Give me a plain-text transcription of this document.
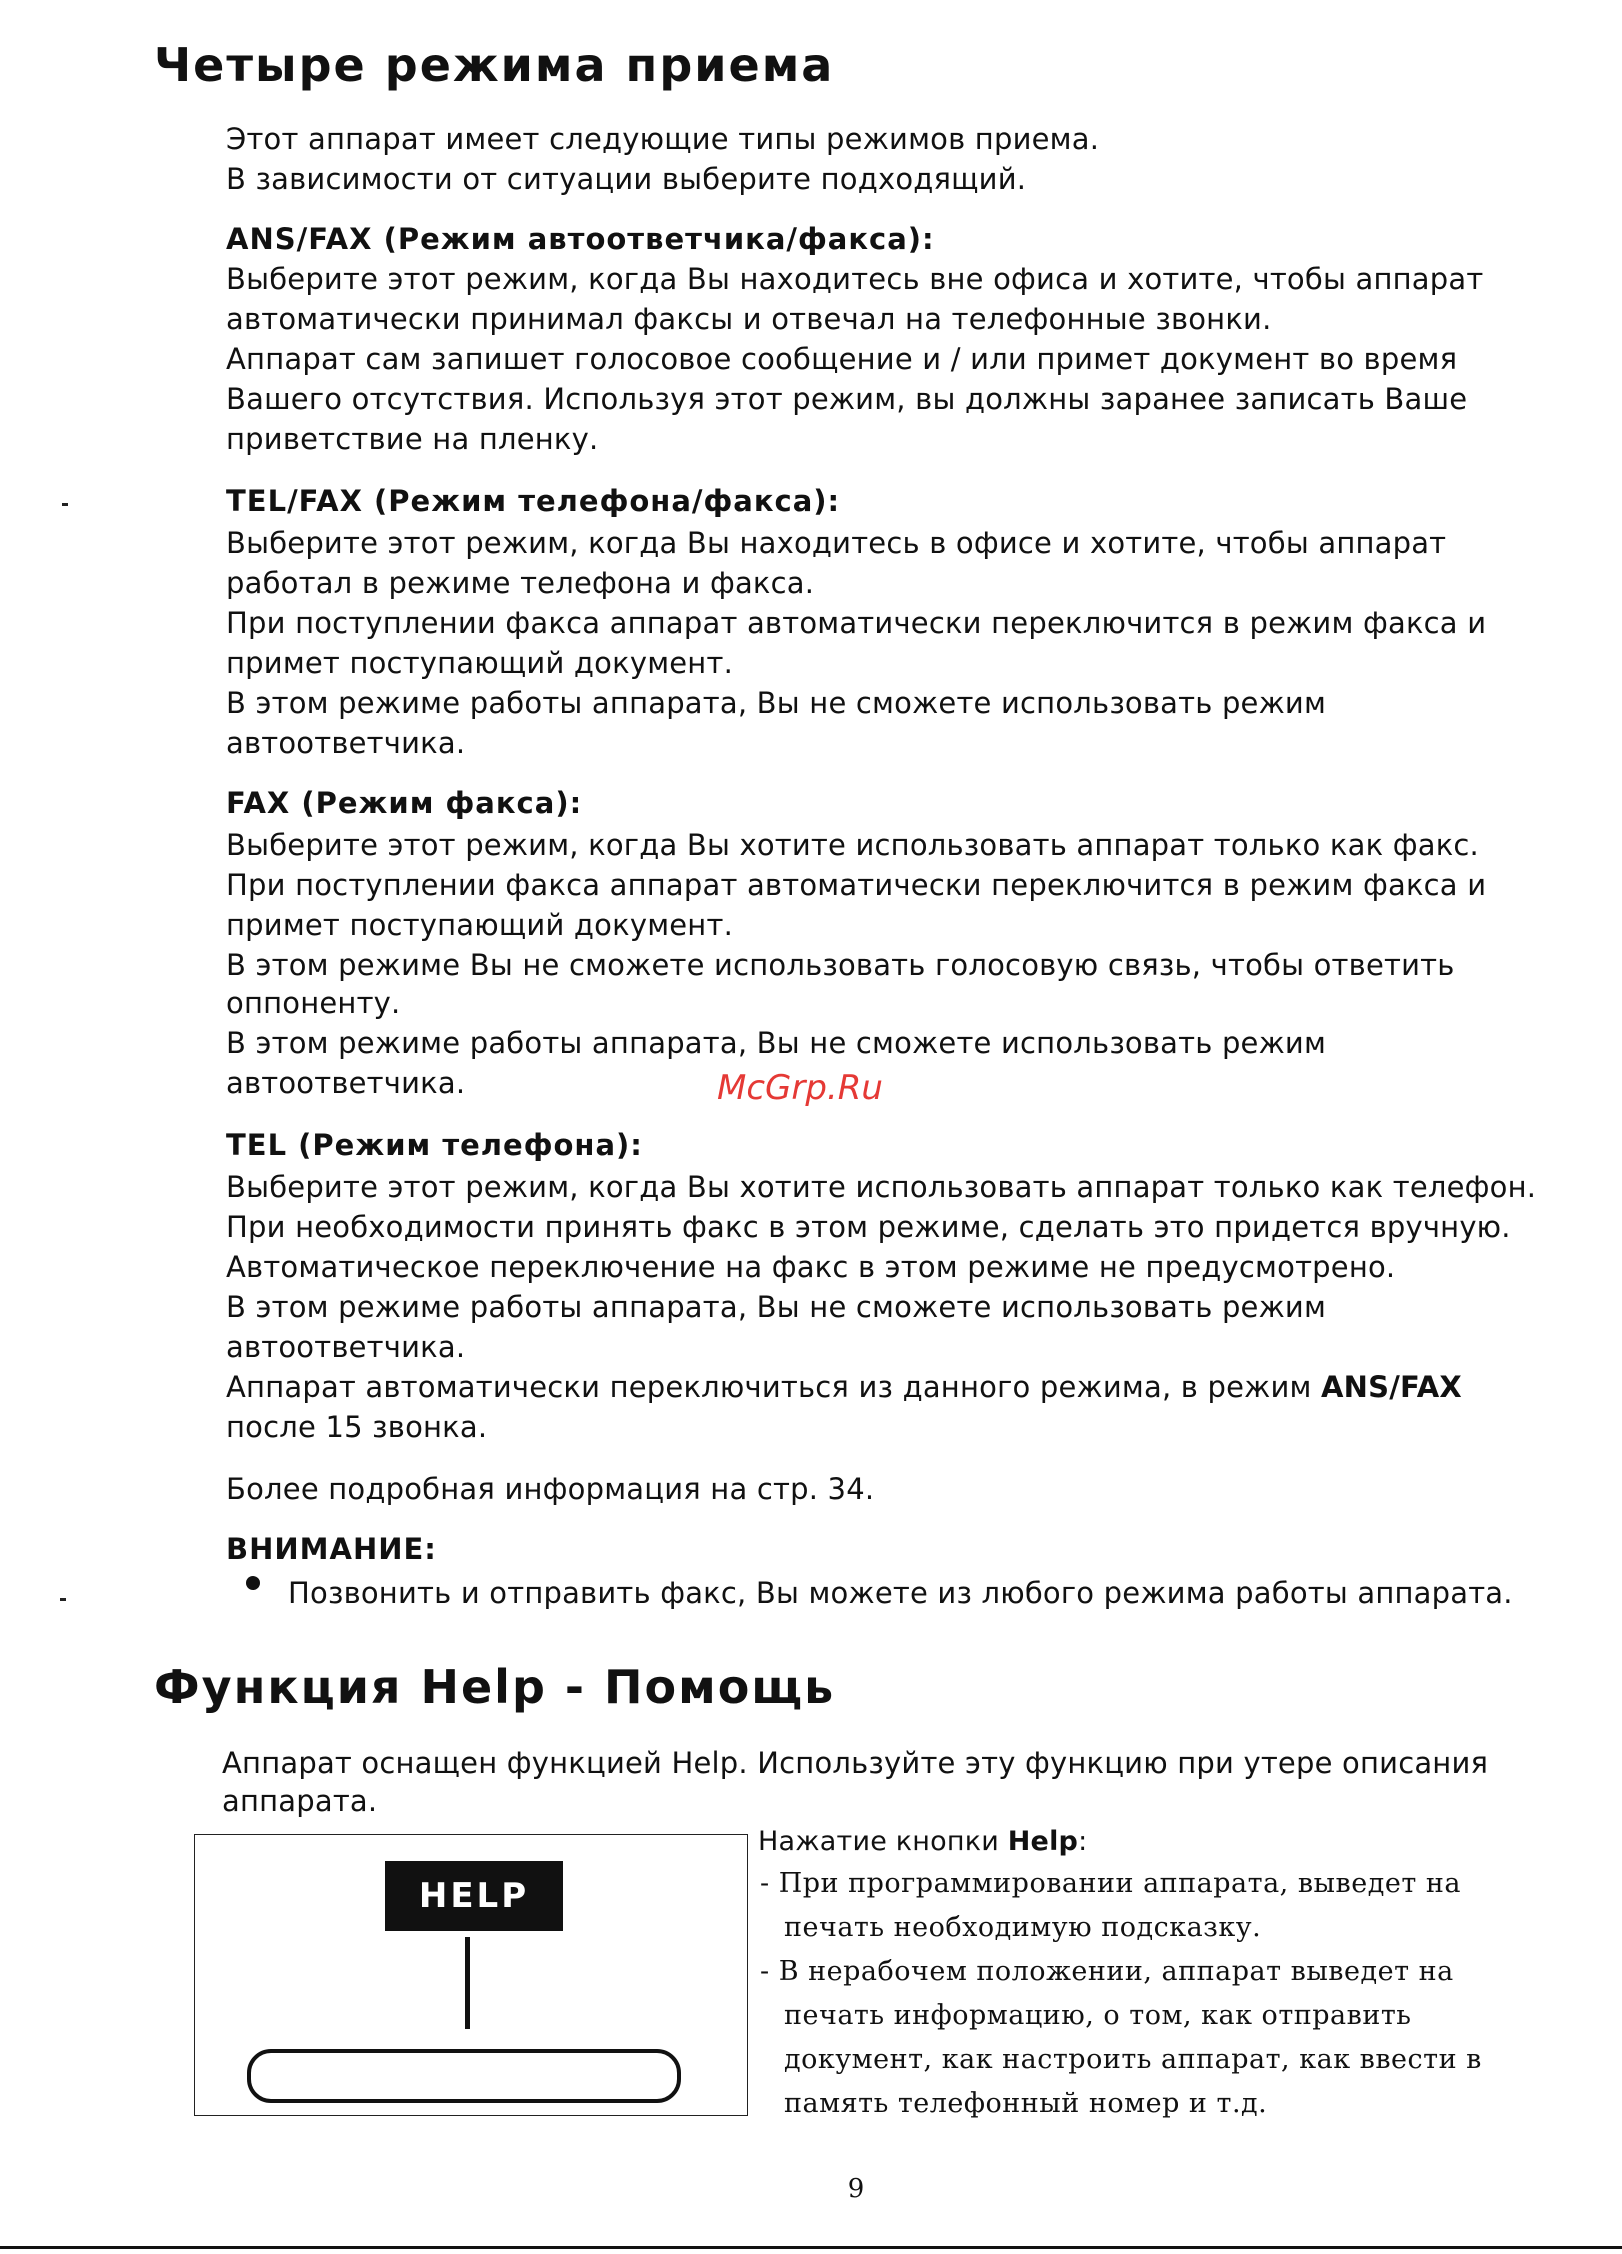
Четыре режима приема
Этот аппарат имеет следующие типы режимов приема.
В зависимости от ситуации выберите подходящий.
ANS/FAX (Режим автоответчика/факса):
Выберите этот режим, когда Вы находитесь вне офиса и хотите, чтобы аппарат
автоматически принимал факсы и отвечал на телефонные звонки.
Аппарат сам запишет голосовое сообщение и / или примет документ во время
Вашего отсутствия. Используя этот режим, вы должны заранее записать Ваше
приветствие на пленку.
TEL/FAX (Режим телефона/факса):
Выберите этот режим, когда Вы находитесь в офисе и хотите, чтобы аппарат
работал в режиме телефона и факса.
При поступлении факса аппарат автоматически переключится в режим факса и
примет поступающий документ.
В этом режиме работы аппарата, Вы не сможете использовать режим
автоответчика.
FAX (Режим факса):
Выберите этот режим, когда Вы хотите использовать аппарат только как факс.
При поступлении факса аппарат автоматически переключится в режим факса и
примет поступающий документ.
В этом режиме Вы не сможете использовать голосовую связь, чтобы ответить
оппоненту.
В этом режиме работы аппарата, Вы не сможете использовать режим
автоответчика.
TEL (Режим телефона):
McGrp.Ru
Выберите этот режим, когда Вы хотите использовать аппарат только как телефон.
При необходимости принять факс в этом режиме, сделать это придется вручную.
Автоматическое переключение на факс в этом режиме не предусмотрено.
В этом режиме работы аппарата, Вы не сможете использовать режим
автоответчика.
Аппарат автоматически переключиться из данного режима, в режим ANS/FAX
после 15 звонка.
Более подробная информация на стр. 34.
ВНИМАНИЕ:
Позвонить и отправить факс, Вы можете из любого режима работы аппарата.
Функция Help - Помощь
Аппарат оснащен функцией Help. Используйте эту функцию при утере описания
аппарата.
HELP
Нажатие кнопки Help:
- При программировании аппарата, выведет на
печать необходимую подсказку.
- В нерабочем положении, аппарат выведет на
печать информацию, о том, как отправить
документ, как настроить аппарат, как ввести в
память телефонный номер и т.д.
9
